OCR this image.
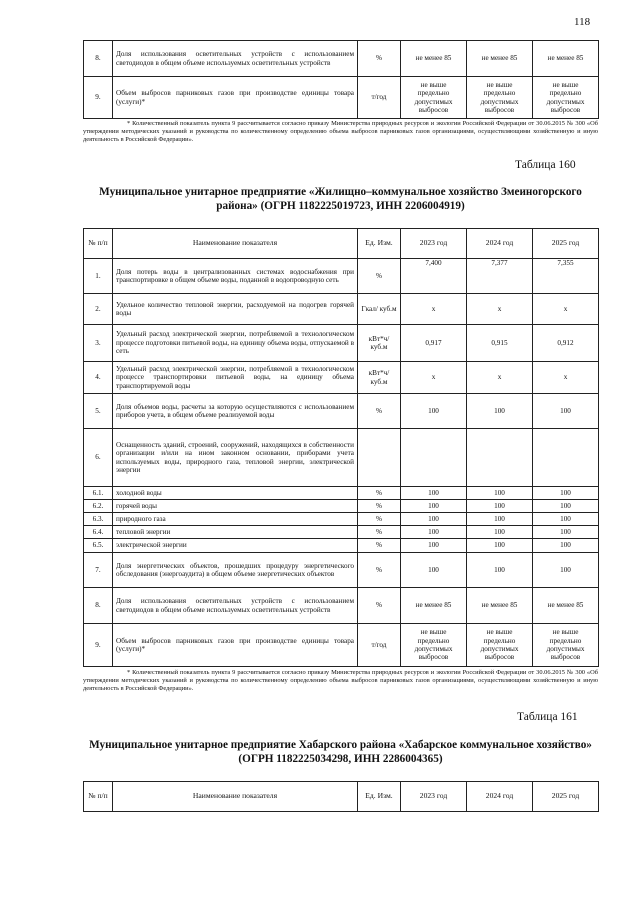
118
8.	Доля использования осветительных устройств с использованием светодиодов в общем объеме используемых осветительных устройств	%	не менее 85	не менее 85	не менее 85
9.	Объем выбросов парниковых газов при производстве единицы товара (услуги)*	т/год	не выше предельно допустимых выбросов	не выше предельно допустимых выбросов	не выше предельно допустимых выбросов
* Количественный показатель пункта 9 рассчитывается согласно приказу Министерства природных ресурсов и экологии Российской Федерации от 30.06.2015 № 300 «Об утверждении методических указаний и руководства по количественному определению объема выбросов парниковых газов организациями, осуществляющими хозяйственную и иную деятельность в Российской Федерации».
Таблица 160
Муниципальное унитарное предприятие «Жилищно–коммунальное хозяйство Змеиногорского района» (ОГРН 1182225019723, ИНН 2206004919)
№ п/п	Наименование показателя	Ед. Изм.	2023 год	2024 год	2025 год
1.	Доля потерь воды в централизованных системах водоснабжения при транспортировке в общем объеме воды, поданной в водопроводную сеть	%	7,400	7,377	7,355
2.	Удельное количество тепловой энергии, расходуемой на подогрев горячей воды	Гкал/ куб.м	х	х	х
3.	Удельный расход электрической энергии, потребляемой в технологическом процессе подготовки питьевой воды, на единицу объема воды, отпускаемой в сеть	кВт*ч/ куб.м	0,917	0,915	0,912
4.	Удельный расход электрической энергии, потребляемой в технологическом процессе транспортировки питьевой воды, на единицу объема транспортируемой воды	кВт*ч/ куб.м	х	х	х
5.	Доля объемов воды, расчеты за которую осуществляются с использованием приборов учета, в общем объеме реализуемой воды	%	100	100	100
6.	Оснащенность зданий, строений, сооружений, находящихся в собственности организации и/или на ином законном основании, приборами учета используемых воды, природного газа, тепловой энергии, электрической энергии				
6.1.	холодной воды	%	100	100	100
6.2.	горячей воды	%	100	100	100
6.3.	природного газа	%	100	100	100
6.4.	тепловой энергии	%	100	100	100
6.5.	электрической энергии	%	100	100	100
7.	Доля энергетических объектов, прошедших процедуру энергетического обследования (энергоаудита) в общем объеме энергетических объектов	%	100	100	100
8.	Доля использования осветительных устройств с использованием светодиодов в общем объеме используемых осветительных устройств	%	не менее 85	не менее 85	не менее 85
9.	Объем выбросов парниковых газов при производстве единицы товара (услуги)*	т/год	не выше предельно допустимых выбросов	не выше предельно допустимых выбросов	не выше предельно допустимых выбросов
* Количественный показатель пункта 9 рассчитывается согласно приказу Министерства природных ресурсов и экологии Российской Федерации от 30.06.2015 № 300 «Об утверждении методических указаний и руководства по количественному определению объема выбросов парниковых газов организациями, осуществляющими хозяйственную и иную деятельность в Российской Федерации».
Таблица 161
Муниципальное унитарное предприятие Хабарского района «Хабарское коммунальное хозяйство» (ОГРН 1182225034298, ИНН 2286004365)
№ п/п	Наименование показателя	Ед. Изм.	2023 год	2024 год	2025 год
